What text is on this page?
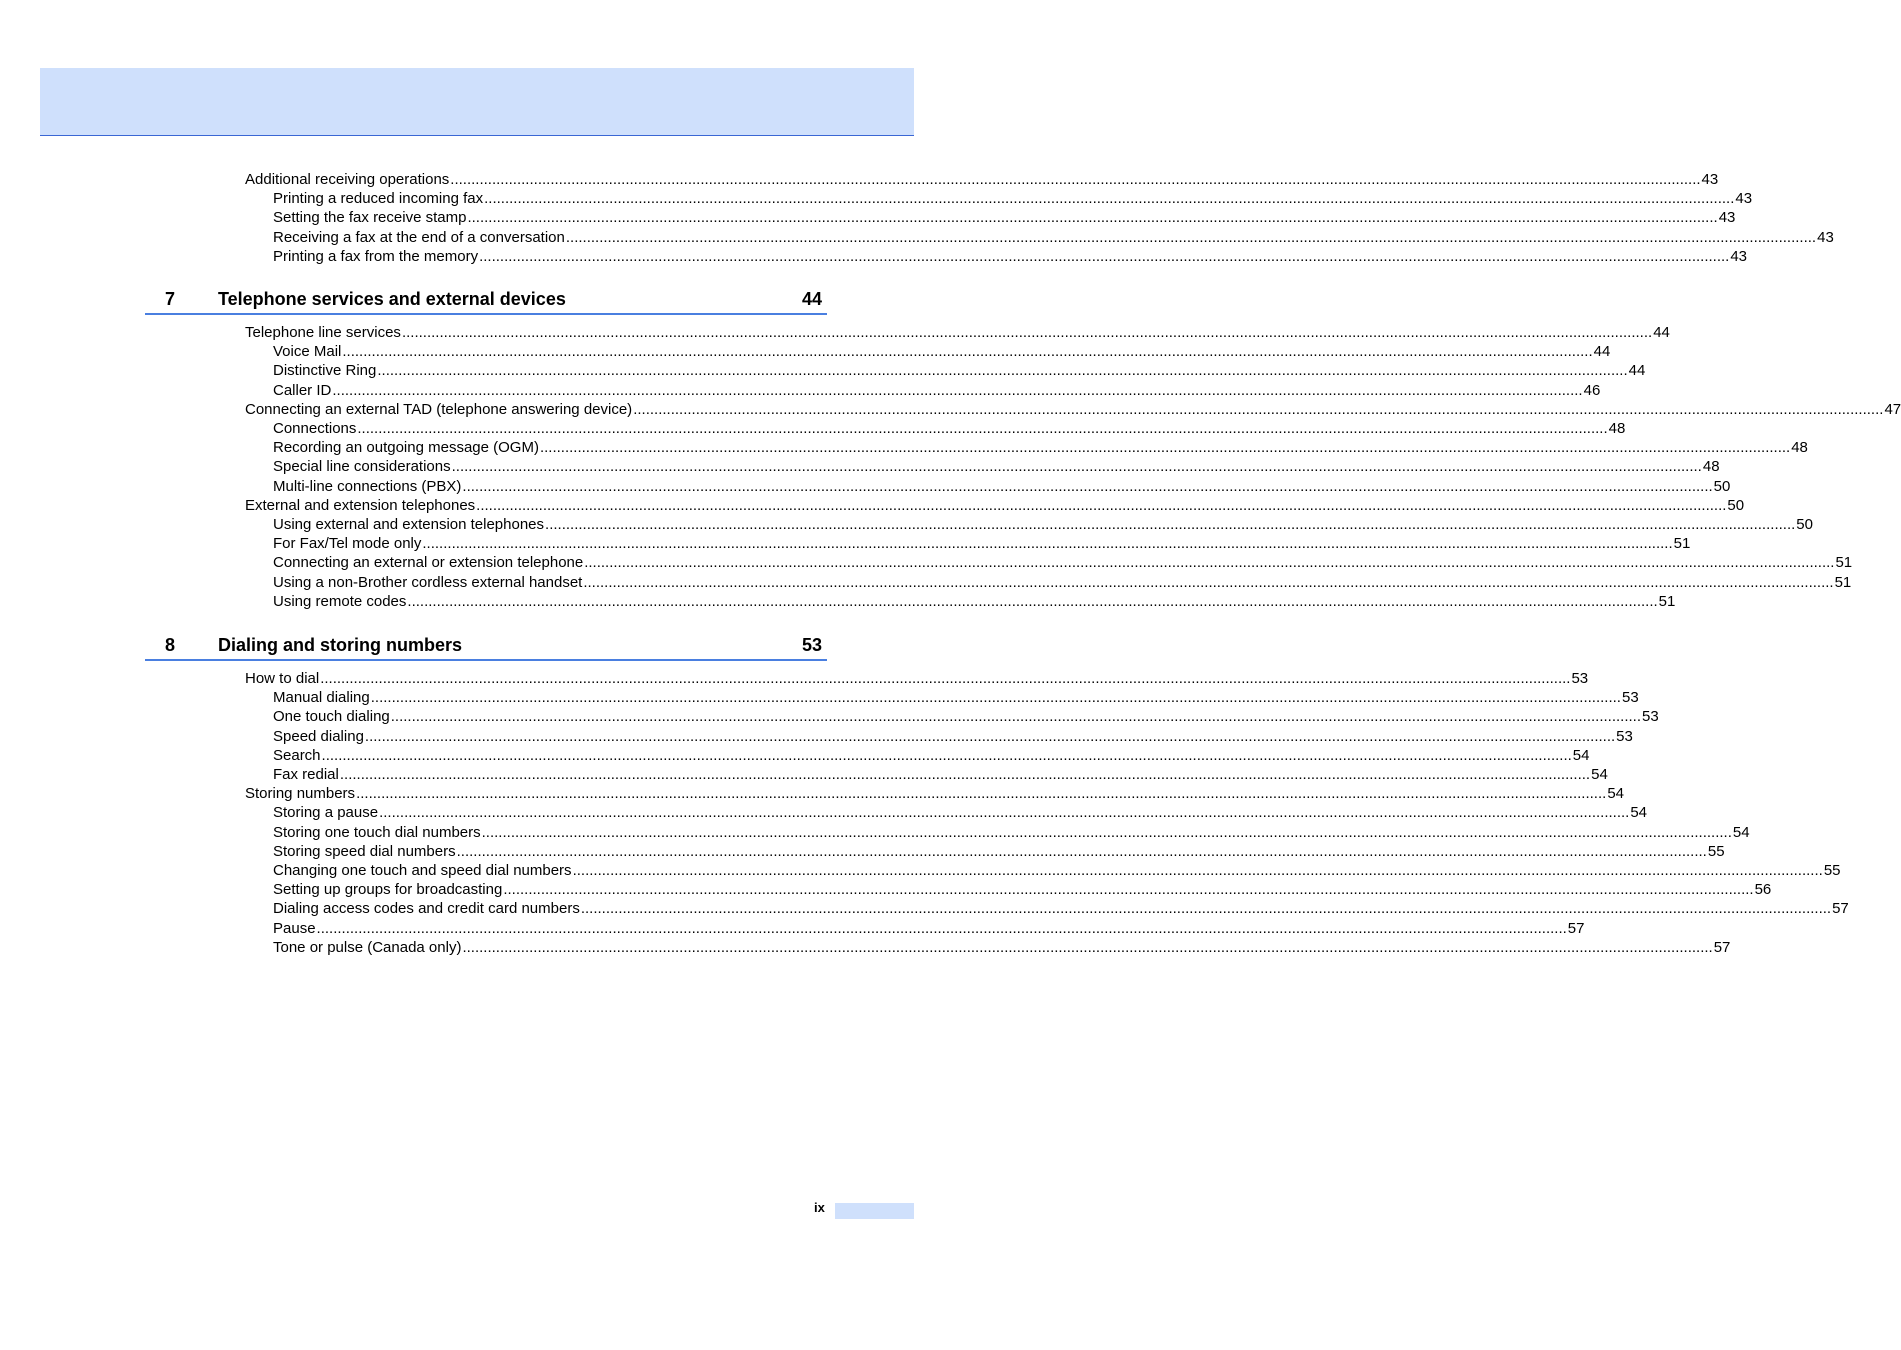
Additional receiving operations ............................................................................................................................................................................................................................................................................................................ 43
Printing a reduced incoming fax ............................................................................................................................................................................................................................................................................................................ 43
Setting the fax receive stamp ............................................................................................................................................................................................................................................................................................................ 43
Receiving a fax at the end of a conversation ............................................................................................................................................................................................................................................................................................................ 43
Printing a fax from the memory ............................................................................................................................................................................................................................................................................................................ 43
7 Telephone services and external devices	44
Telephone line services ............................................................................................................................................................................................................................................................................................................ 44
Voice Mail ............................................................................................................................................................................................................................................................................................................ 44
Distinctive Ring ............................................................................................................................................................................................................................................................................................................ 44
Caller ID ............................................................................................................................................................................................................................................................................................................ 46
Connecting an external TAD (telephone answering device) ............................................................................................................................................................................................................................................................................................................ 47
Connections ............................................................................................................................................................................................................................................................................................................ 48
Recording an outgoing message (OGM) ............................................................................................................................................................................................................................................................................................................ 48
Special line considerations ............................................................................................................................................................................................................................................................................................................ 48
Multi-line connections (PBX) ............................................................................................................................................................................................................................................................................................................ 50
External and extension telephones ............................................................................................................................................................................................................................................................................................................ 50
Using external and extension telephones ............................................................................................................................................................................................................................................................................................................ 50
For Fax/Tel mode only ............................................................................................................................................................................................................................................................................................................ 51
Connecting an external or extension telephone ............................................................................................................................................................................................................................................................................................................ 51
Using a non-Brother cordless external handset ............................................................................................................................................................................................................................................................................................................ 51
Using remote codes ............................................................................................................................................................................................................................................................................................................ 51
8 Dialing and storing numbers	53
How to dial ............................................................................................................................................................................................................................................................................................................ 53
Manual dialing ............................................................................................................................................................................................................................................................................................................ 53
One touch dialing ............................................................................................................................................................................................................................................................................................................ 53
Speed dialing ............................................................................................................................................................................................................................................................................................................ 53
Search ............................................................................................................................................................................................................................................................................................................ 54
Fax redial ............................................................................................................................................................................................................................................................................................................ 54
Storing numbers ............................................................................................................................................................................................................................................................................................................ 54
Storing a pause ............................................................................................................................................................................................................................................................................................................ 54
Storing one touch dial numbers ............................................................................................................................................................................................................................................................................................................ 54
Storing speed dial numbers ............................................................................................................................................................................................................................................................................................................ 55
Changing one touch and speed dial numbers ............................................................................................................................................................................................................................................................................................................ 55
Setting up groups for broadcasting ............................................................................................................................................................................................................................................................................................................ 56
Dialing access codes and credit card numbers ............................................................................................................................................................................................................................................................................................................ 57
Pause ............................................................................................................................................................................................................................................................................................................ 57
Tone or pulse (Canada only) ............................................................................................................................................................................................................................................................................................................ 57
ix
